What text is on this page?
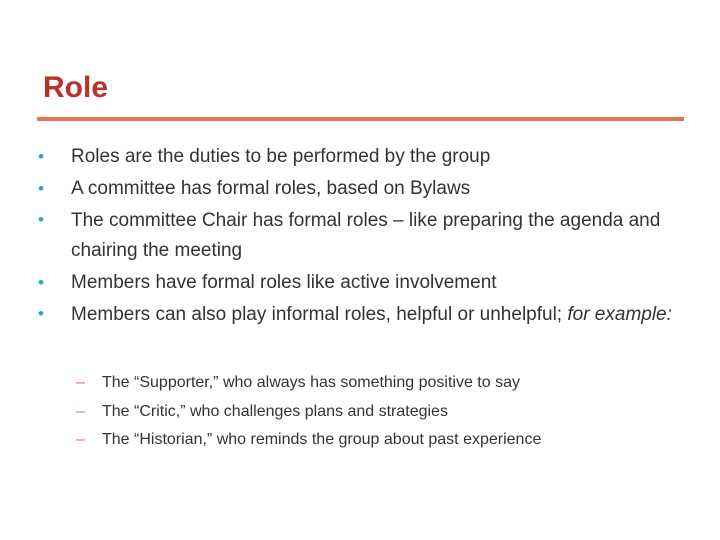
Role
• Roles are the duties to be performed by the group
• A committee has formal roles, based on Bylaws
• The committee Chair has formal roles – like preparing the agenda and chairing the meeting
• Members have formal roles like active involvement
• Members can also play informal roles, helpful or unhelpful; for example:
– The “Supporter,” who always has something positive to say
– The “Critic,” who challenges plans and strategies
– The “Historian,” who reminds the group about past experience
